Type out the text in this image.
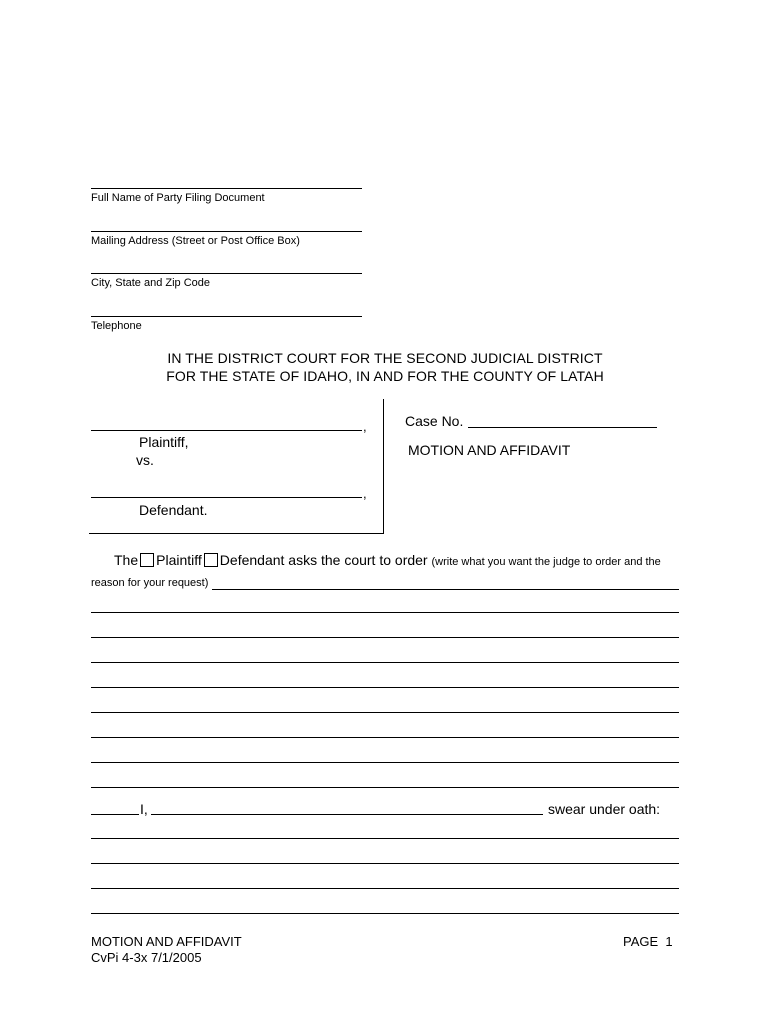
Full Name of Party Filing Document
Mailing Address (Street or Post Office Box)
City, State and Zip Code
Telephone
IN THE DISTRICT COURT FOR THE SECOND JUDICIAL DISTRICT
FOR THE STATE OF IDAHO, IN AND FOR THE COUNTY OF LATAH
,
Plaintiff,
vs.
,
Defendant.
Case No.
MOTION AND AFFIDAVIT
The Plaintiff Defendant asks the court to order (write what you want the judge to order and the
reason for your request)
I,	swear under oath:
MOTION AND AFFIDAVIT
CvPi 4-3x 7/1/2005
PAGE 1
